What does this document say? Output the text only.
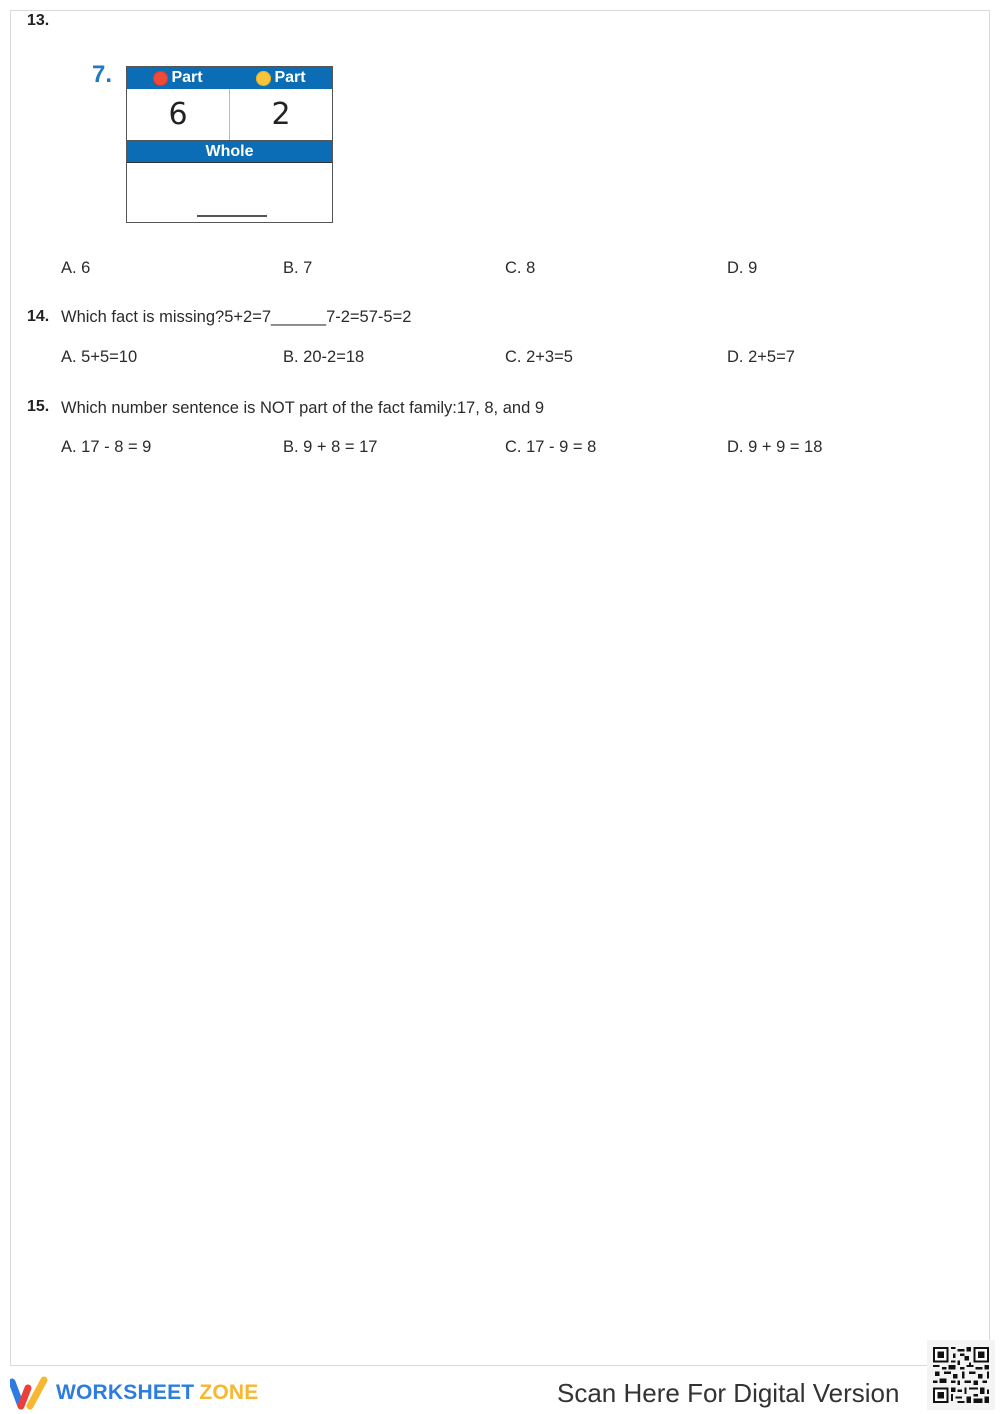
13.
7.	Part	Part
6	2
Whole
A. 6	B. 7	C. 8	D. 9
14. Which fact is missing?5+2=7______7-2=57-5=2
A. 5+5=10	B. 20-2=18	C. 2+3=5	D. 2+5=7
15. Which number sentence is NOT part of the fact family:17, 8, and 9
A. 17 - 8 = 9	B. 9 + 8 = 17	C. 17 - 9 = 8	D. 9 + 9 = 18
WORKSHEET ZONE	Scan Here For Digital Version
